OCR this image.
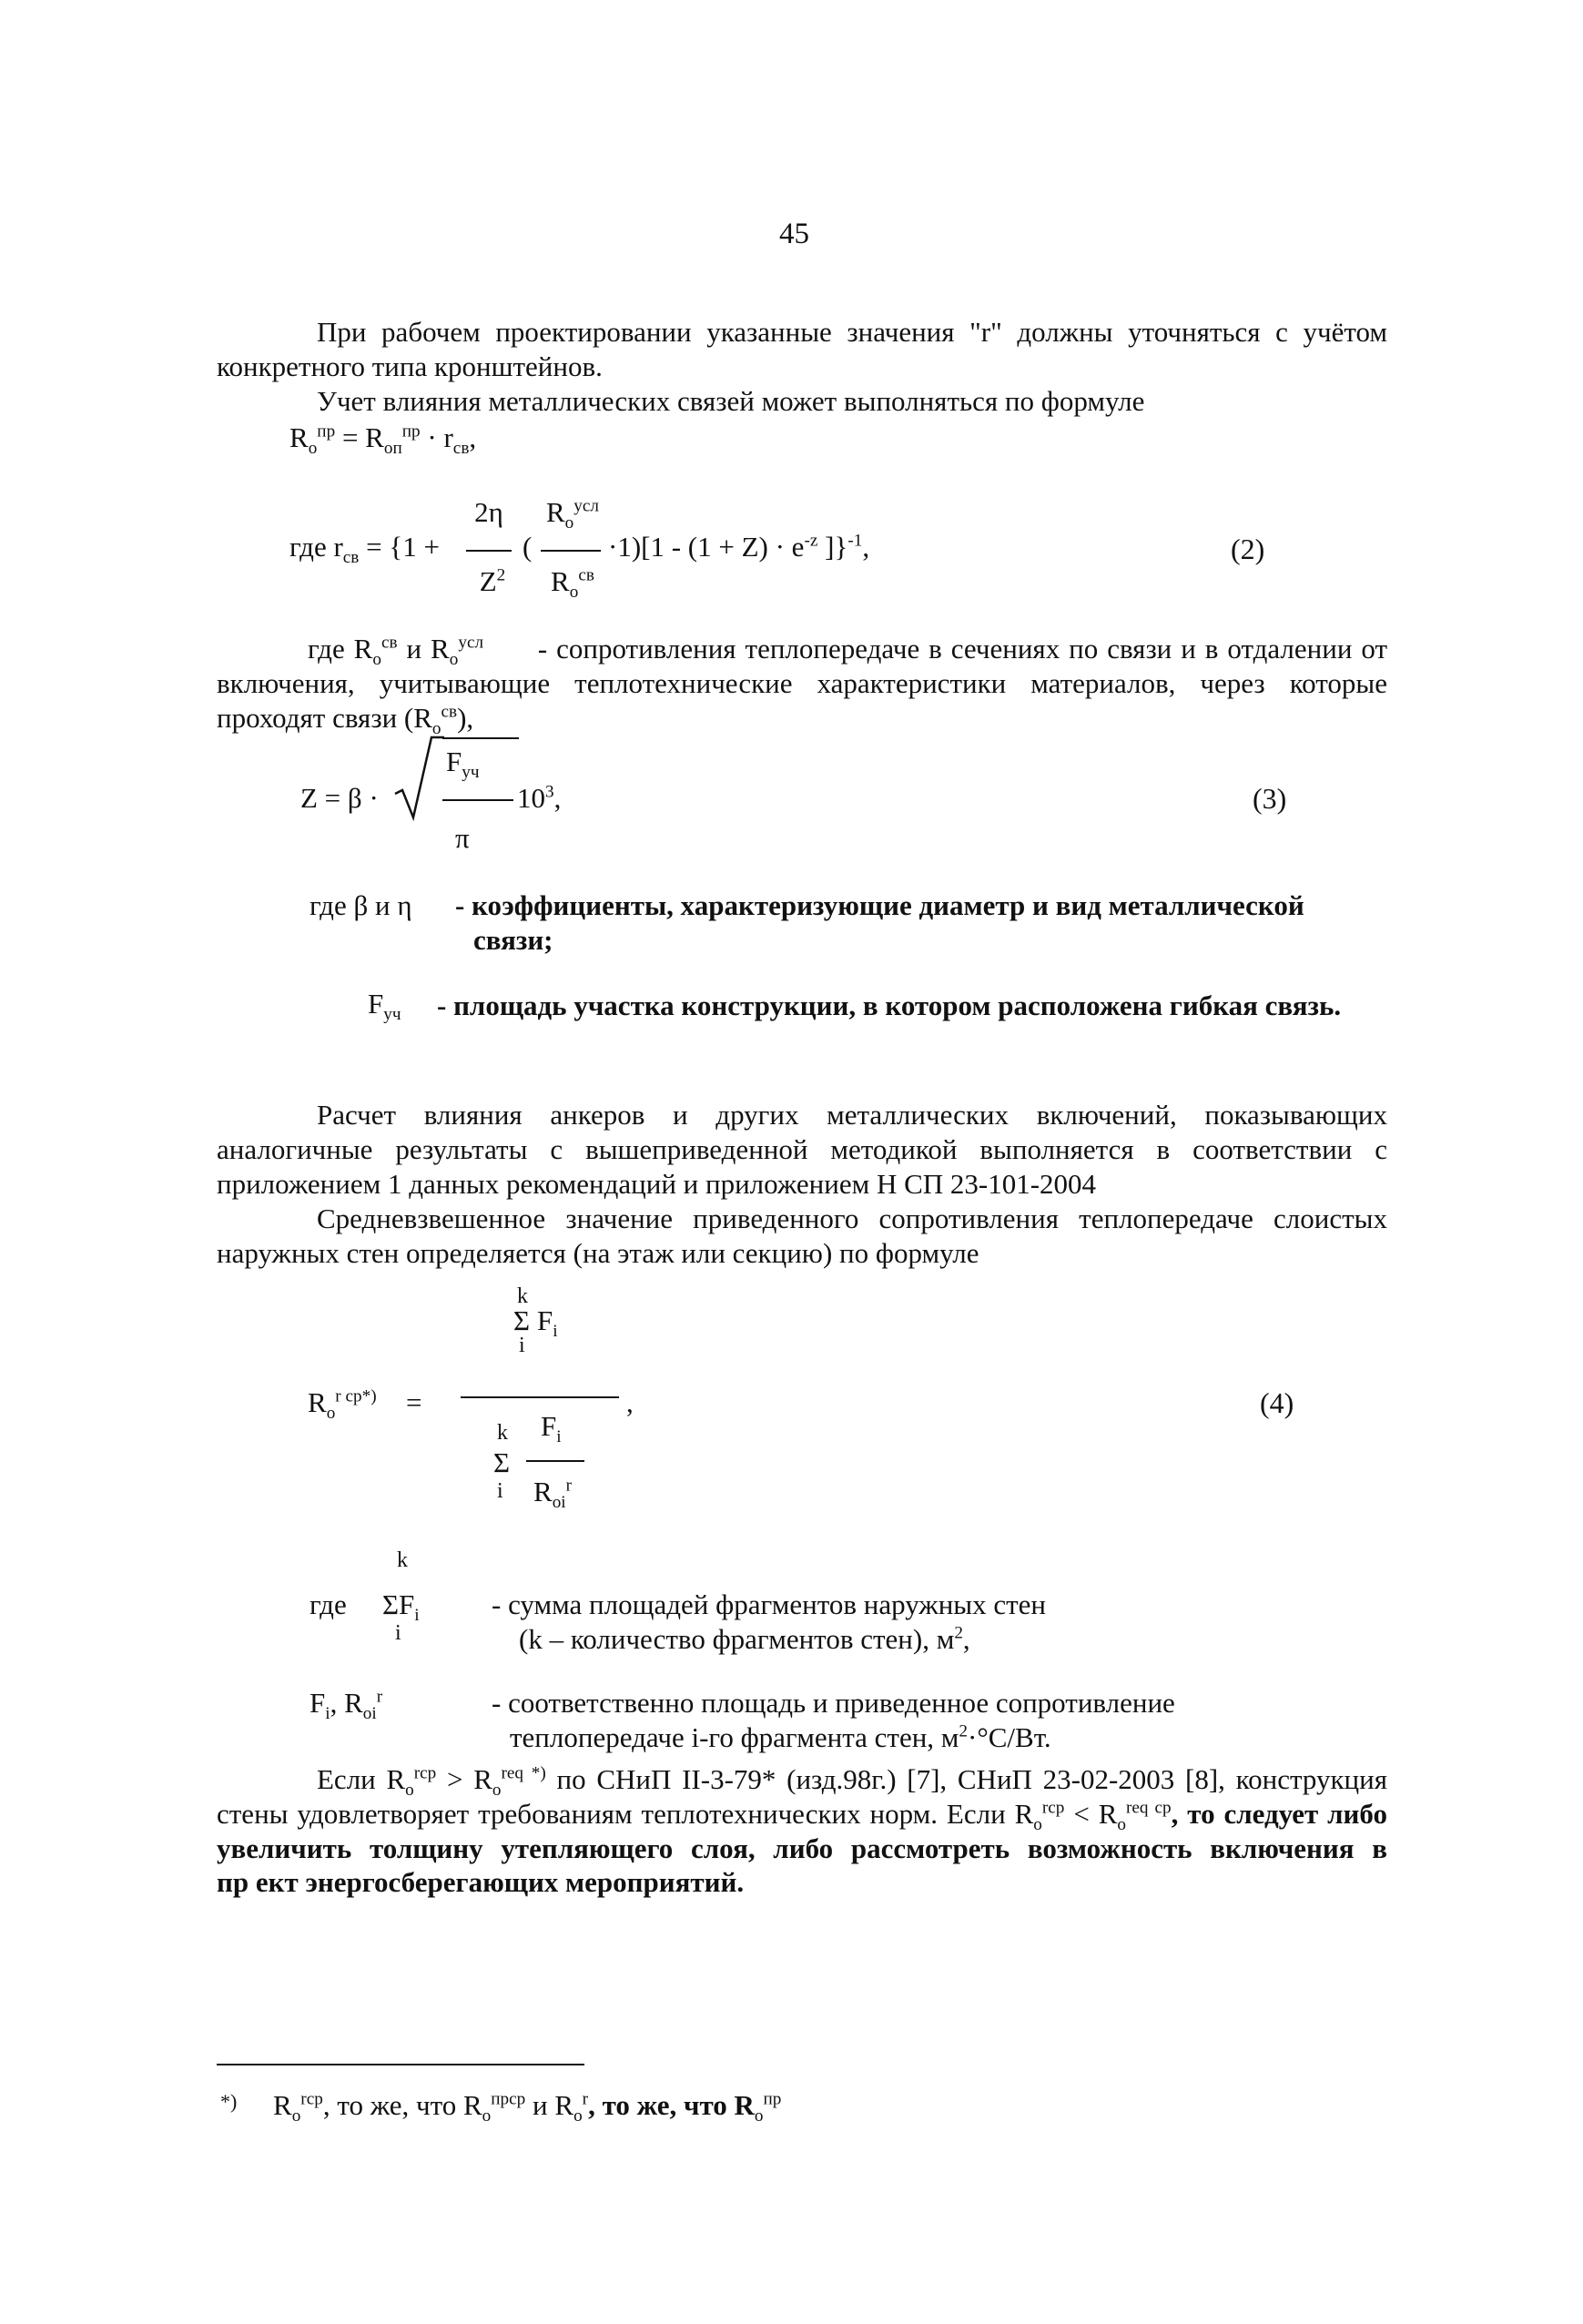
45
При рабочем проектировании указанные значения "r" должны уточняться с учётом конкретного типа кронштейнов.
Учет влияния металлических связей может выполняться по формуле
$R_o^{пр} = R_{оп}^{пр} \cdot r_{св}$,
где $r_{св} = \{1$ +
2η
$Z^2$
(
$R_o^{усл}$
$R_o^{св}$
$\cdot 1)[1 - (1 + Z) \cdot e^{-z}$ ]}$^{-1}$,	(2)
где $R_o^{св}$ и $R_o^{усл}$ - сопротивления теплопередаче в сечениях по связи и в отдалении от включения, учитывающие теплотехнические характеристики материалов, через которые проходят связи $(R_o^{св})$,
Z = β ·
$F_{уч}$
π
$10^3$,	(3)
где β и η - коэффициенты, характеризующие диаметр и вид металлической связи;
$F_{уч}$ - площадь участка конструкции, в котором расположена гибкая связь.
Расчет влияния анкеров и других металлических включений, показывающих аналогичные результаты с вышеприведенной методикой выполняется в соответствии с приложением 1 данных рекомендаций и приложением Н СП 23-101-2004
Средневзвешенное значение приведенного сопротивления теплопередаче слоистых наружных стен определяется (на этаж или секцию) по формуле
$R_o^{r ср*)}$ =
k
Σ $F_i$
i
,
k
Σ
i
$F_i$
$R_{oi}^r$
(4)
где
k
$\Sigma F_i$
i
- сумма площадей фрагментов наружных стен
(k – количество фрагментов стен), $м^2$,
$F_i$, $R_{oi}^r$	- соответственно площадь и приведенное сопротивление
теплопередаче i-го фрагмента стен, $м^2\cdot^\circ С/Вт$.
Если $R_o^{rср} > R_o^{req *)}$ по СНиП II-3-79* (изд.98г.) [7], СНиП 23-02-2003 [8], конструкция стены удовлетворяет требованиям теплотехнических норм. Если $R_o^{rср} < R_o^{req ср}$, то следует либо увеличить толщину утепляющего слоя, либо рассмотреть возможность включения в пр ект энергосберегающих мероприятий.
*) $R_o^{rср}$, то же, что $R_o^{прср}$ и $R_o^r$, то же, что $R_o^{пр}$
